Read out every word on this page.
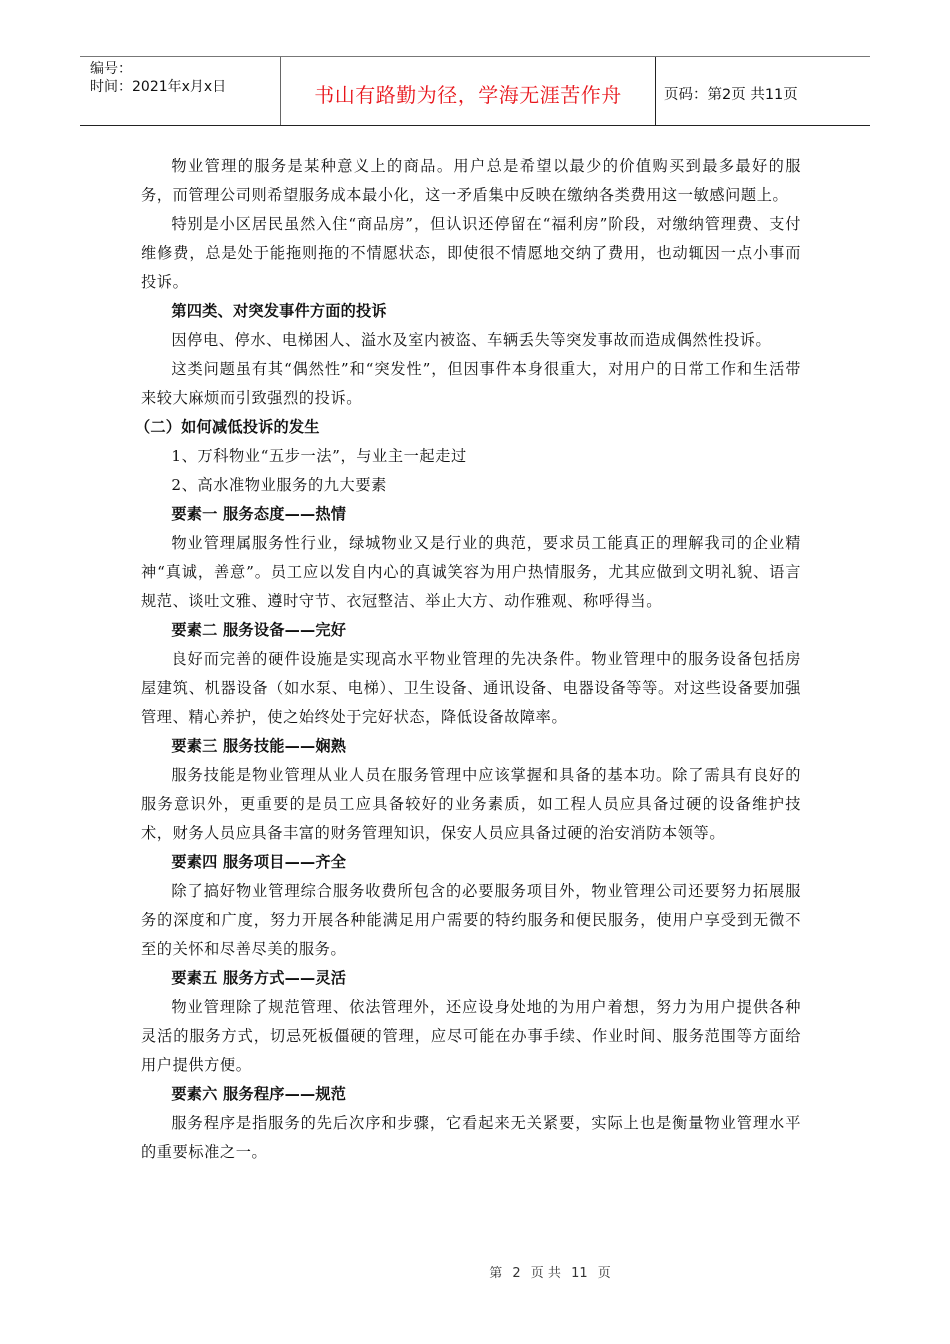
编号：
时间：2021年x月x日	书山有路勤为径，学海无涯苦作舟	页码：第2页 共11页

物业管理的服务是某种意义上的商品。用户总是希望以最少的价值购买到最多最好的服务，而管理公司则希望服务成本最小化，这一矛盾集中反映在缴纳各类费用这一敏感问题上。

特别是小区居民虽然入住“商品房”，但认识还停留在“福利房”阶段，对缴纳管理费、支付维修费，总是处于能拖则拖的不情愿状态，即使很不情愿地交纳了费用，也动辄因一点小事而投诉。

第四类、对突发事件方面的投诉

因停电、停水、电梯困人、溢水及室内被盗、车辆丢失等突发事故而造成偶然性投诉。

这类问题虽有其“偶然性”和“突发性”，但因事件本身很重大，对用户的日常工作和生活带来较大麻烦而引致强烈的投诉。

（二）如何减低投诉的发生

1、万科物业“五步一法”，与业主一起走过

2、高水准物业服务的九大要素

要素一 服务态度——热情

物业管理属服务性行业，绿城物业又是行业的典范，要求员工能真正的理解我司的企业精神“真诚，善意”。员工应以发自内心的真诚笑容为用户热情服务，尤其应做到文明礼貌、语言规范、谈吐文雅、遵时守节、衣冠整洁、举止大方、动作雅观、称呼得当。

要素二 服务设备——完好

良好而完善的硬件设施是实现高水平物业管理的先决条件。物业管理中的服务设备包括房屋建筑、机器设备（如水泵、电梯）、卫生设备、通讯设备、电器设备等等。对这些设备要加强管理、精心养护，使之始终处于完好状态，降低设备故障率。

要素三 服务技能——娴熟

服务技能是物业管理从业人员在服务管理中应该掌握和具备的基本功。除了需具有良好的服务意识外，更重要的是员工应具备较好的业务素质，如工程人员应具备过硬的设备维护技术，财务人员应具备丰富的财务管理知识，保安人员应具备过硬的治安消防本领等。

要素四 服务项目——齐全

除了搞好物业管理综合服务收费所包含的必要服务项目外，物业管理公司还要努力拓展服务的深度和广度，努力开展各种能满足用户需要的特约服务和便民服务，使用户享受到无微不至的关怀和尽善尽美的服务。

要素五 服务方式——灵活

物业管理除了规范管理、依法管理外，还应设身处地的为用户着想，努力为用户提供各种灵活的服务方式，切忌死板僵硬的管理，应尽可能在办事手续、作业时间、服务范围等方面给用户提供方便。

要素六 服务程序——规范

服务程序是指服务的先后次序和步骤，它看起来无关紧要，实际上也是衡量物业管理水平的重要标准之一。

第 2 页 共 11 页
